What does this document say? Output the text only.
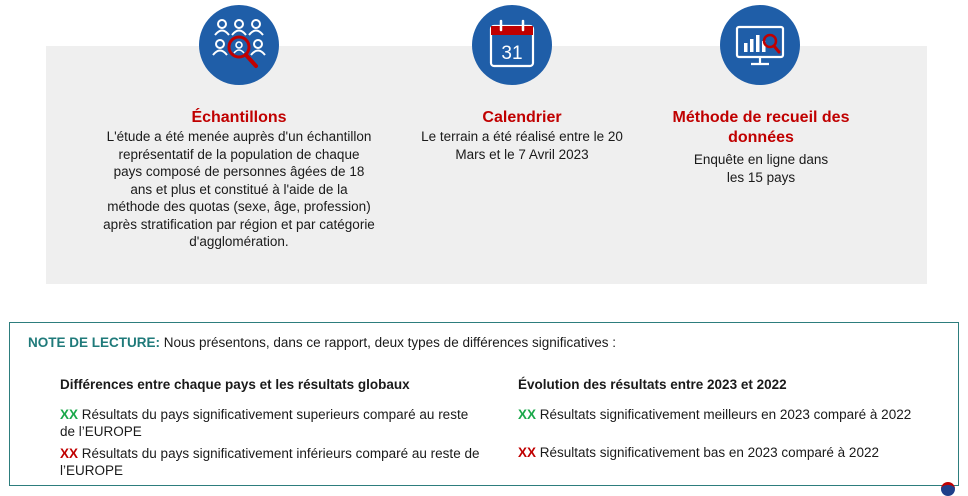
31
Échantillons
L'étude a été menée auprès d'un échantillon représentatif de la population de chaque pays composé de personnes âgées de 18 ans et plus et constitué à l'aide de la méthode des quotas (sexe, âge, profession) après stratification par région et par catégorie d'agglomération.
Calendrier
Le terrain a été réalisé entre le 20 Mars et le 7 Avril 2023
Méthode de recueil des données
Enquête en ligne dans les 15 pays
NOTE DE LECTURE: Nous présentons, dans ce rapport, deux types de différences significatives :
Différences entre chaque pays et les résultats globaux
XX Résultats du pays significativement superieurs comparé au reste de l’EUROPE
XX Résultats du pays significativement inférieurs comparé au reste de l’EUROPE
Évolution des résultats entre 2023 et 2022
XX Résultats significativement meilleurs en 2023 comparé à 2022
XX Résultats significativement bas en 2023 comparé à 2022
